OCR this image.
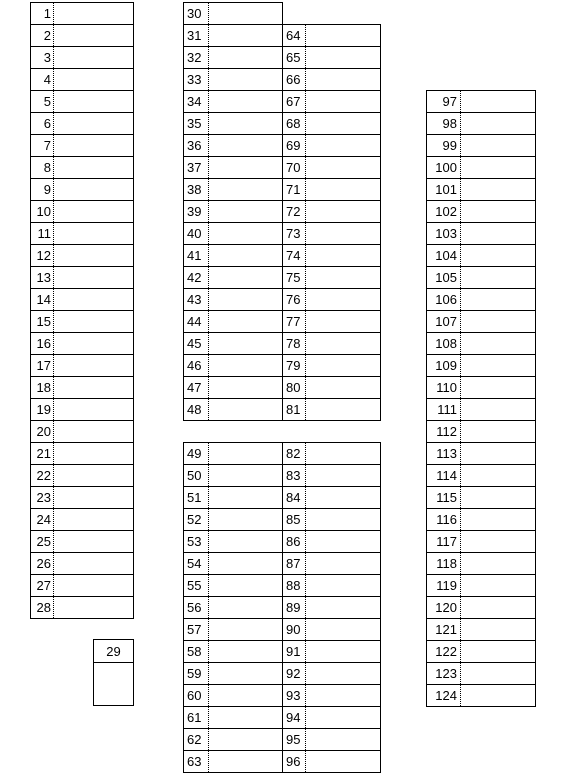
1
2
3
4
5
6
7
8
9
10
11
12
13
14
15
16
17
18
19
20
21
22
23
24
25
26
27
28
30
31
32
33
34
35
36
37
38
39
40
41
42
43
44
45
46
47
48
64
65
66
67
68
69
70
71
72
73
74
75
76
77
78
79
80
81
49
50
51
52
53
54
55
56
57
58
59
60
61
62
63
82
83
84
85
86
87
88
89
90
91
92
93
94
95
96
97
98
99
100
101
102
103
104
105
106
107
108
109
110
111
112
113
114
115
116
117
118
119
120
121
122
123
124
29
